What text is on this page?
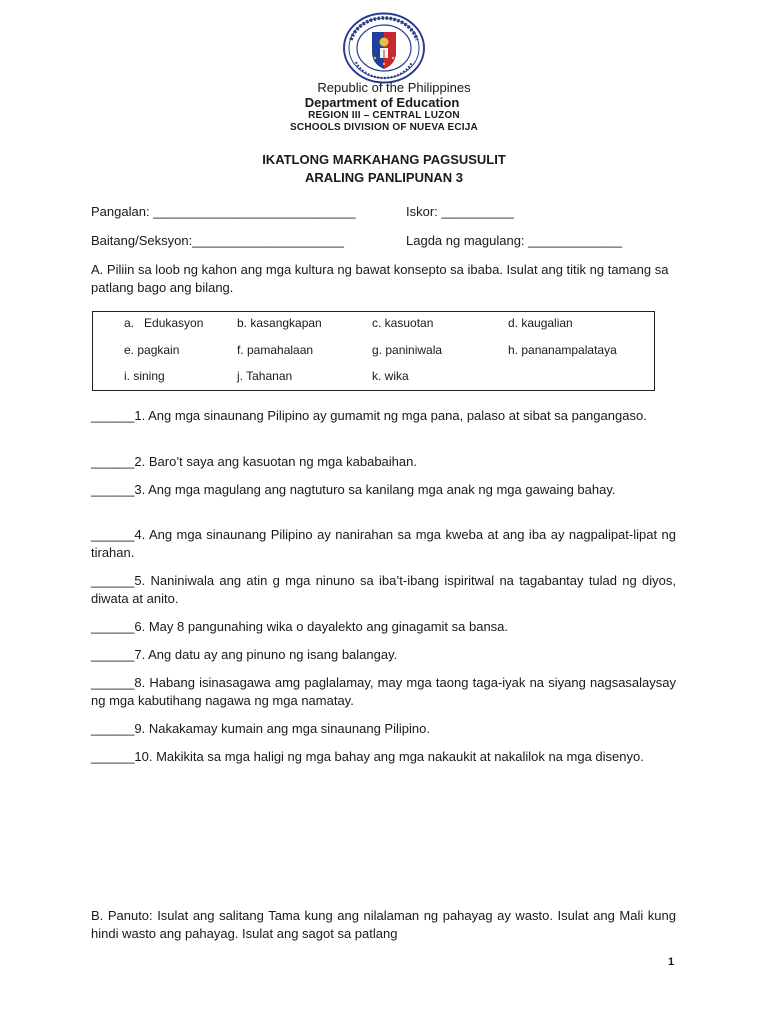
Republic of the Philippines
Department of Education
REGION III – CENTRAL LUZON
SCHOOLS DIVISION OF NUEVA ECIJA
IKATLONG MARKAHANG PAGSUSULIT
ARALING PANLIPUNAN 3
Pangalan: ____________________________	Iskor: __________
Baitang/Seksyon:_____________________	Lagda ng magulang: _____________
A. Piliin sa loob ng kahon ang mga kultura ng bawat konsepto sa ibaba. Isulat ang titik ng tamang sa patlang bago ang bilang.
a.   Edukasyon	b. kasangkapan	c. kasuotan	d. kaugalian
e. pagkain	f. pamahalaan	g. paniniwala	h. pananampalataya
i. sining	j. Tahanan	k. wika
______1. Ang mga sinaunang Pilipino ay gumamit ng mga pana, palaso at sibat sa pangangaso.
______2. Baro’t saya ang kasuotan ng mga kababaihan.
______3. Ang mga magulang ang nagtuturo sa kanilang mga anak ng mga gawaing bahay.
______4. Ang mga sinaunang Pilipino ay nanirahan sa mga kweba at ang iba ay nagpalipat-lipat ng tirahan.
______5. Naniniwala ang atin g mga ninuno sa iba’t-ibang ispiritwal na tagabantay tulad ng diyos, diwata at anito.
______6. May 8 pangunahing wika o dayalekto ang ginagamit sa bansa.
______7. Ang datu ay ang pinuno ng isang balangay.
______8. Habang isinasagawa amg paglalamay, may mga taong taga-iyak na siyang nagsasalaysay ng mga kabutihang nagawa ng mga namatay.
______9. Nakakamay kumain ang mga sinaunang Pilipino.
______10. Makikita sa mga haligi ng mga bahay ang mga nakaukit at nakalilok na mga disenyo.
B. Panuto: Isulat ang salitang Tama kung ang nilalaman ng pahayag ay wasto. Isulat ang Mali kung hindi wasto ang pahayag. Isulat ang sagot sa patlang
1
